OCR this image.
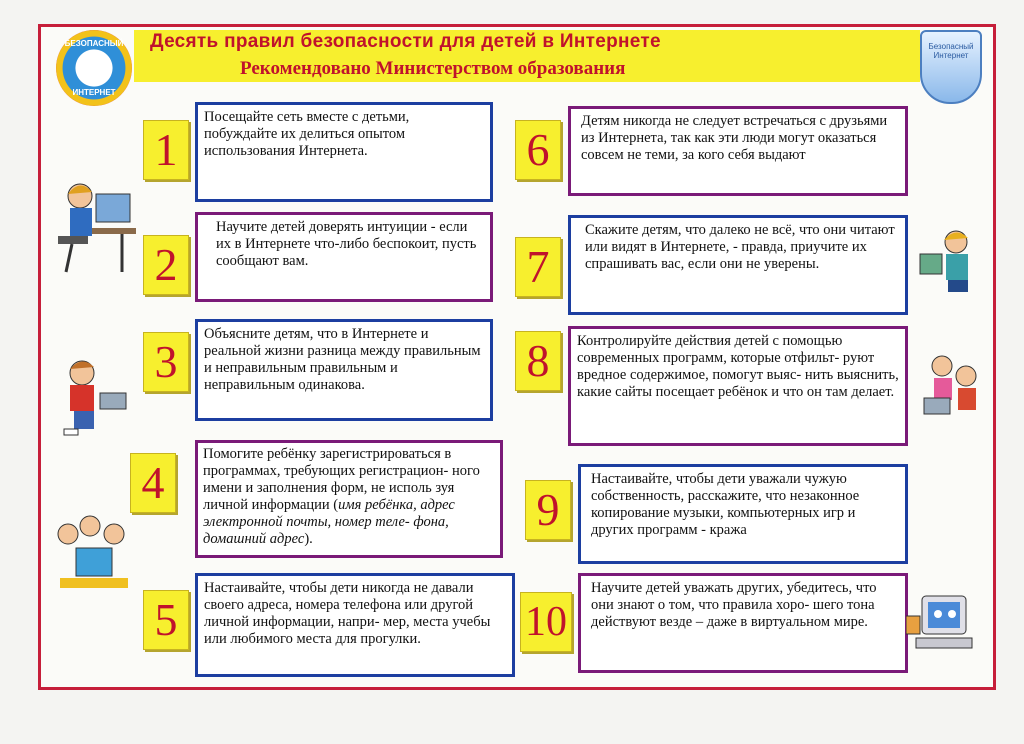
Десять правил безопасности для детей в Интернете
Рекомендовано Министерством образования
БЕЗОПАСНЫЙ
ИНТЕРНЕТ
Безопасный Интернет
1
Посещайте сеть вместе с детьми, побуждайте их делиться опытом использования Интернета.
2
Научите детей доверять интуиции - если их в Интернете что-либо беспокоит, пусть сообщают вам.
3
Объясните детям, что в Интернете и реальной жизни разница между правильным и неправильным правильным и неправильным одинакова.
4
Помогите ребёнку зарегистрироваться в программах, требующих регистрацион- ного имени и заполнения форм, не исполь зуя личной информации (имя ребёнка, адрес электронной почты, номер теле- фона, домашний адрес).
5
Настаивайте, чтобы дети никогда не давали своего адреса, номера телефона или другой личной информации, напри- мер, места учебы или любимого места для прогулки.
6
Детям никогда не следует встречаться с друзьями из Интернета, так как эти люди могут оказаться совсем не теми, за кого себя выдают
7
Скажите детям, что далеко не всё, что они читают или видят в Интернете, - правда, приучите их спрашивать вас, если они не уверены.
8	Контролируйте действия детей с помощью современных программ, которые отфильт- руют вредное содержимое, помогут выяс- нить выяснить, какие сайты посещает ребёнок и что он там делает.
9
Настаивайте, чтобы дети уважали чужую собственность, расскажите, что незаконное копирование музыки, компьютерных игр и других программ - кража
10
Научите детей уважать других, убедитесь, что они знают о том, что правила хоро- шего тона действуют везде – даже в виртуальном мире.
